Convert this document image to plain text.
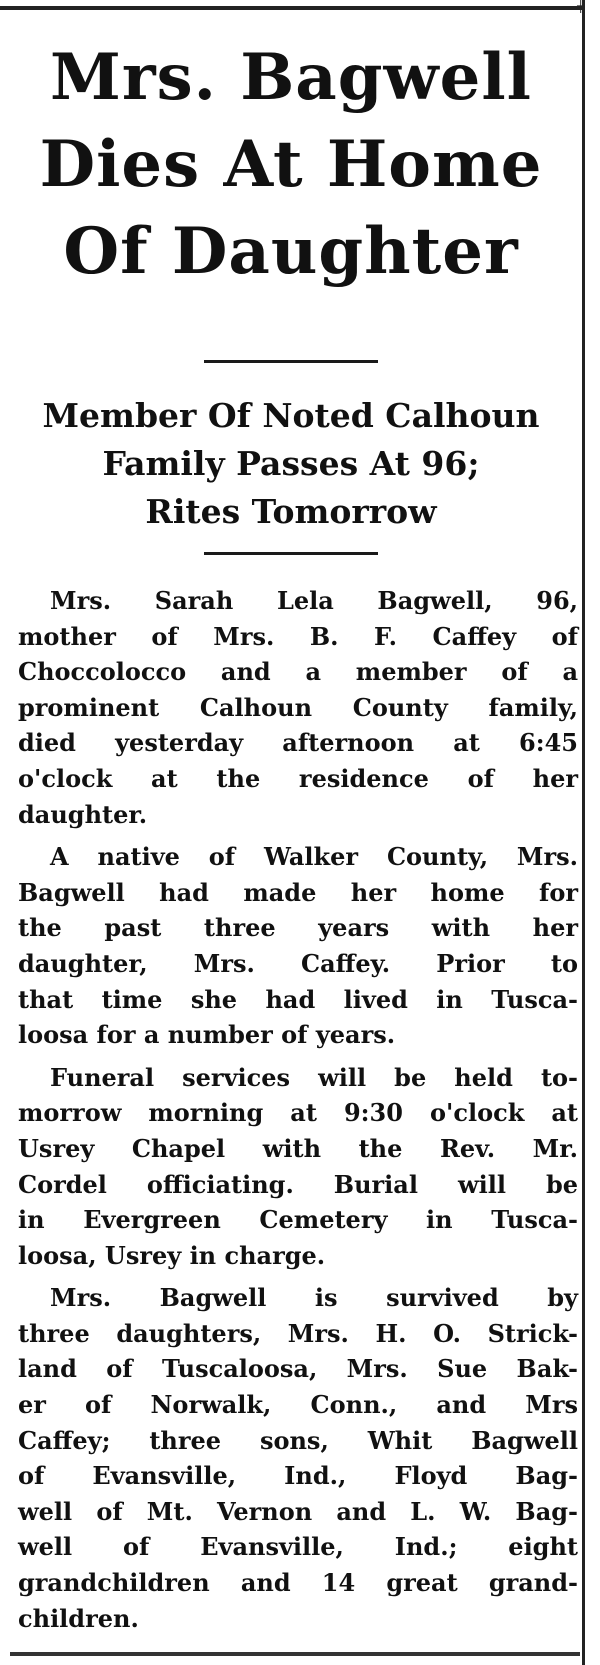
┼
Mrs. Bagwell
Dies At Home
Of Daughter
Member Of Noted Calhoun
Family Passes At 96;
Rites Tomorrow

Mrs. Sarah Lela Bagwell, 96,
mother of Mrs. B. F. Caffey of
Choccolocco and a member of a
prominent Calhoun County family,
died yesterday afternoon at 6:45
o'clock at the residence of her
daughter.

A native of Walker County, Mrs.
Bagwell had made her home for
the past three years with her
daughter, Mrs. Caffey. Prior to
that time she had lived in Tusca-
loosa for a number of years.

Funeral services will be held to-
morrow morning at 9:30 o'clock at
Usrey Chapel with the Rev. Mr.
Cordel officiating. Burial will be
in Evergreen Cemetery in Tusca-
loosa, Usrey in charge.

Mrs. Bagwell is survived by
three daughters, Mrs. H. O. Strick-
land of Tuscaloosa, Mrs. Sue Bak-
er of Norwalk, Conn., and Mrs
Caffey; three sons, Whit Bagwell
of Evansville, Ind., Floyd Bag-
well of Mt. Vernon and L. W. Bag-
well of Evansville, Ind.; eight
grandchildren and 14 great grand-
children.
